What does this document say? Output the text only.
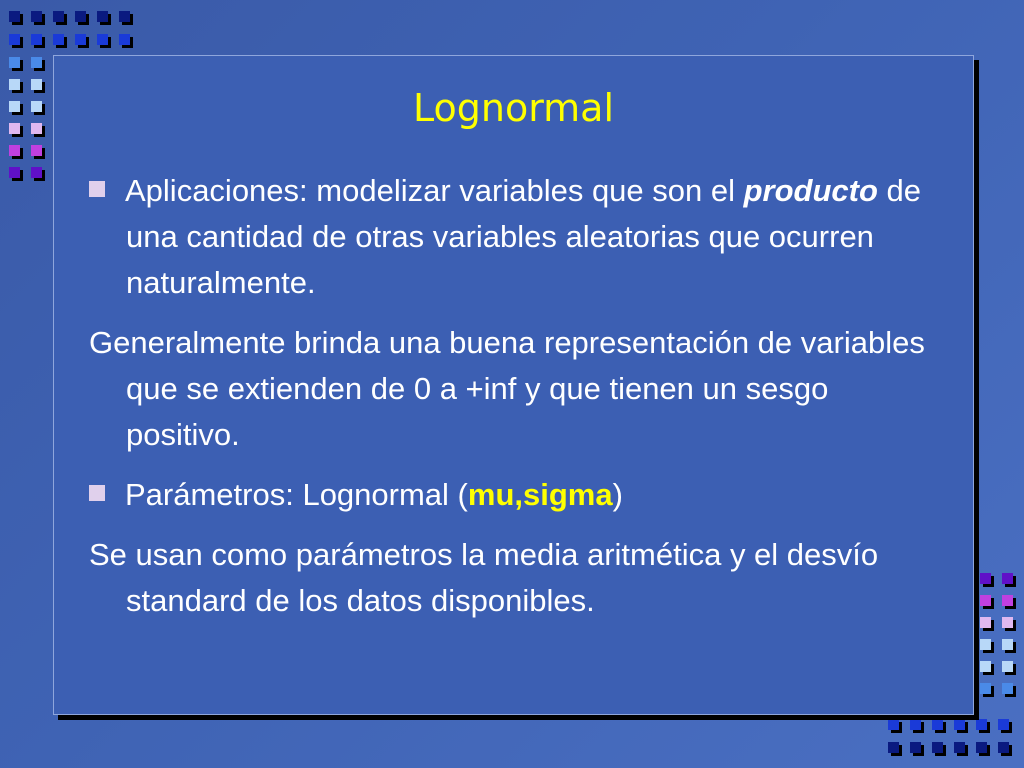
Lognormal

Aplicaciones: modelizar variables que son el producto de una cantidad de otras variables aleatorias que ocurren naturalmente.

Generalmente brinda una buena representación de variables que se extienden de 0 a +inf y que tienen un sesgo positivo.

Parámetros: Lognormal (mu,sigma)

Se usan como parámetros la media aritmética y el desvío standard de los datos disponibles.
